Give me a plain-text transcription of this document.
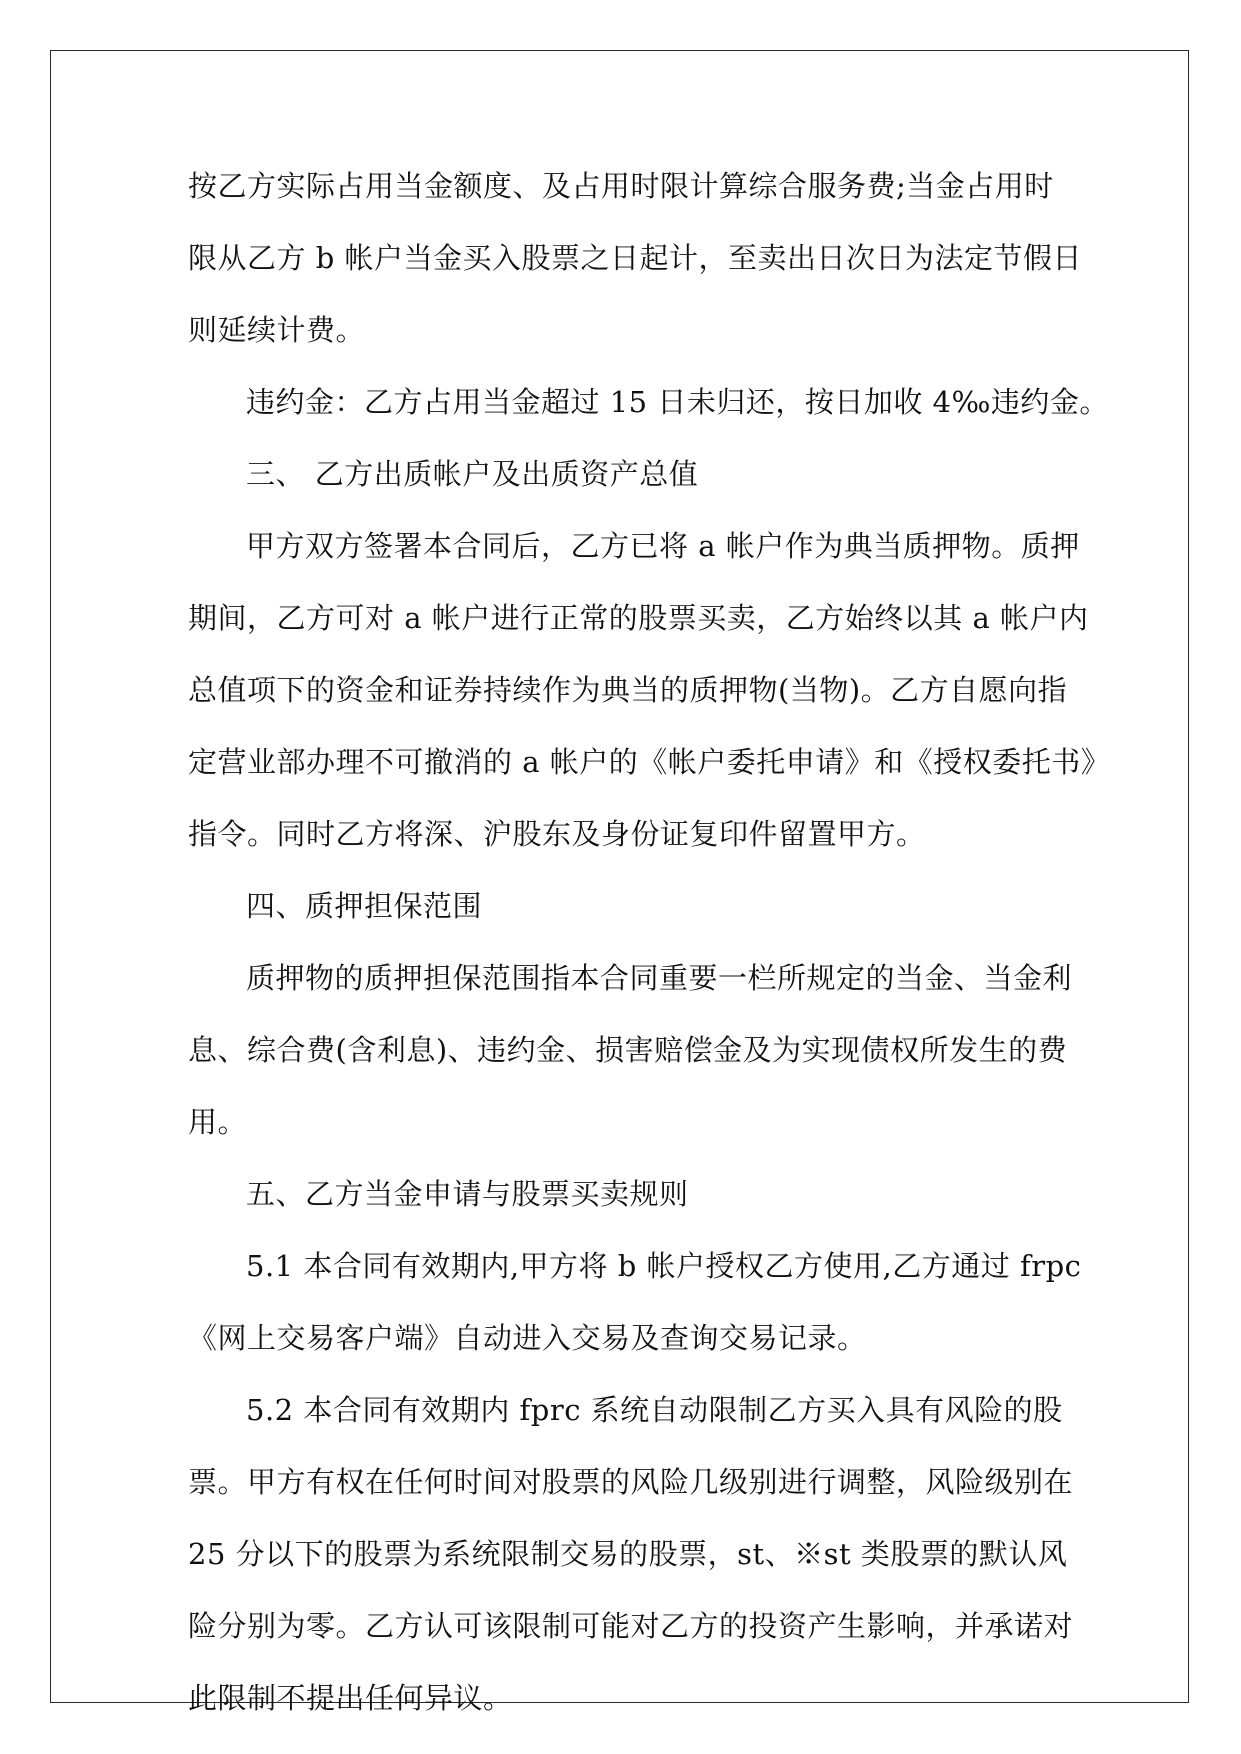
按乙方实际占用当金额度、及占用时限计算综合服务费;当金占用时
限从乙方 b 帐户当金买入股票之日起计，至卖出日次日为法定节假日
则延续计费。
违约金：乙方占用当金超过 15 日未归还，按日加收 4‰违约金。
三、 乙方出质帐户及出质资产总值
甲方双方签署本合同后，乙方已将 a 帐户作为典当质押物。质押
期间，乙方可对 a 帐户进行正常的股票买卖，乙方始终以其 a 帐户内
总值项下的资金和证券持续作为典当的质押物(当物)。乙方自愿向指
定营业部办理不可撤消的 a 帐户的《帐户委托申请》和《授权委托书》
指令。同时乙方将深、沪股东及身份证复印件留置甲方。
四、质押担保范围
质押物的质押担保范围指本合同重要一栏所规定的当金、当金利
息、综合费(含利息)、违约金、损害赔偿金及为实现债权所发生的费
用。
五、乙方当金申请与股票买卖规则
5.1 本合同有效期内,甲方将 b 帐户授权乙方使用,乙方通过 frpc
《网上交易客户端》自动进入交易及查询交易记录。
5.2 本合同有效期内 fprc 系统自动限制乙方买入具有风险的股
票。甲方有权在任何时间对股票的风险几级别进行调整，风险级别在
25 分以下的股票为系统限制交易的股票，st、※st 类股票的默认风
险分别为零。乙方认可该限制可能对乙方的投资产生影响，并承诺对
此限制不提出任何异议。
